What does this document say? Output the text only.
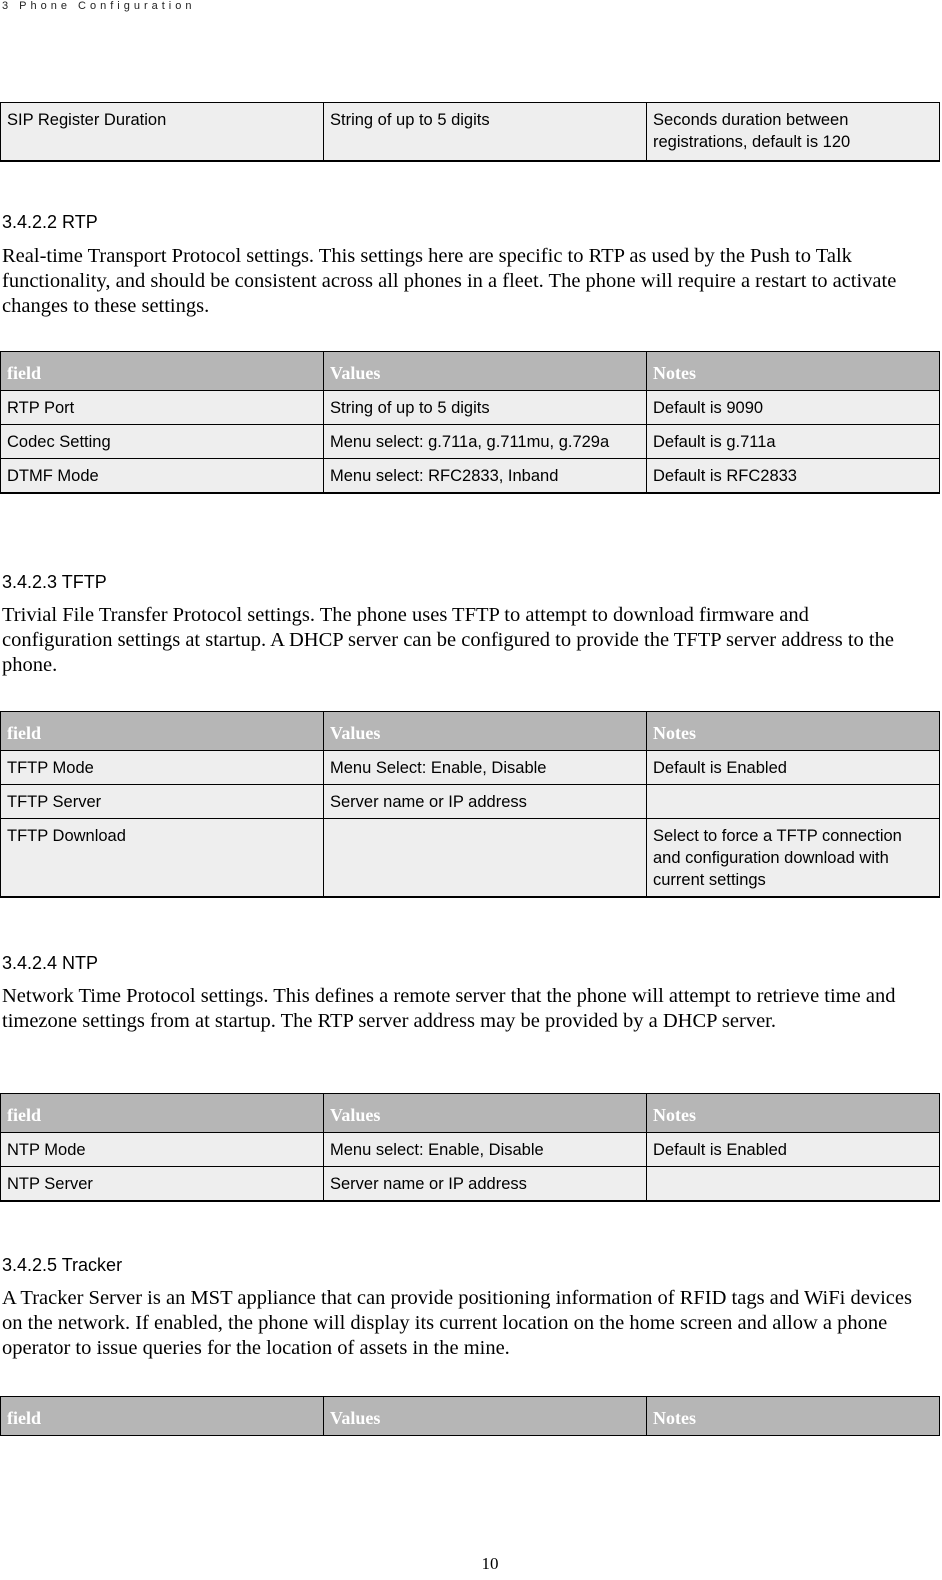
3 Phone Configuration
SIP Register Duration	String of up to 5 digits	Seconds duration between registrations, default is 120
3.4.2.2 RTP

Real-time Transport Protocol settings. This settings here are specific to RTP as used by the Push to Talk functionality, and should be consistent across all phones in a fleet. The phone will require a restart to activate changes to these settings.

field	Values	Notes
RTP Port	String of up to 5 digits	Default is 9090
Codec Setting	Menu select: g.711a, g.711mu, g.729a	Default is g.711a
DTMF Mode	Menu select: RFC2833, Inband	Default is RFC2833
3.4.2.3 TFTP

Trivial File Transfer Protocol settings. The phone uses TFTP to attempt to download firmware and configuration settings at startup. A DHCP server can be configured to provide the TFTP server address to the phone.

field	Values	Notes
TFTP Mode	Menu Select: Enable, Disable	Default is Enabled
TFTP Server	Server name or IP address	
TFTP Download		Select to force a TFTP connection and configuration download with current settings
3.4.2.4 NTP

Network Time Protocol settings. This defines a remote server that the phone will attempt to retrieve time and timezone settings from at startup. The RTP server address may be provided by a DHCP server.

field	Values	Notes
NTP Mode	Menu select: Enable, Disable	Default is Enabled
NTP Server	Server name or IP address	
3.4.2.5 Tracker

A Tracker Server is an MST appliance that can provide positioning information of RFID tags and WiFi devices on the network. If enabled, the phone will display its current location on the home screen and allow a phone operator to issue queries for the location of assets in the mine.

field	Values	Notes
10
